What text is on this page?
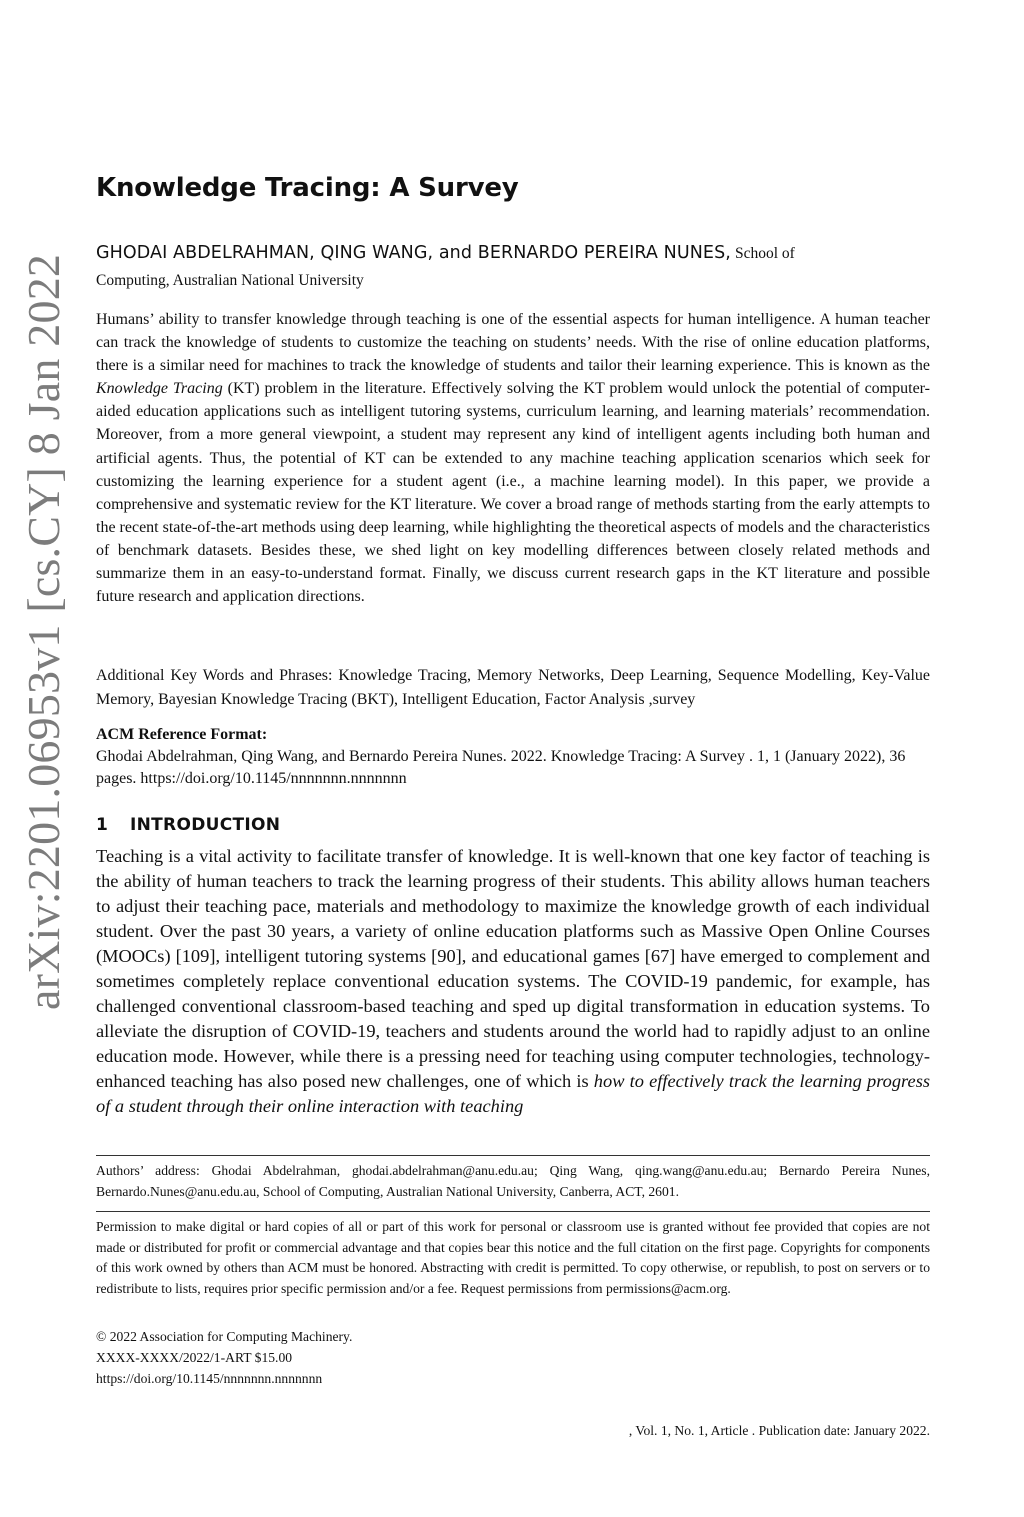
arXiv:2201.06953v1 [cs.CY] 8 Jan 2022
Knowledge Tracing: A Survey
GHODAI ABDELRAHMAN, QING WANG, and BERNARDO PEREIRA NUNES, School of
Computing, Australian National University

Humans’ ability to transfer knowledge through teaching is one of the essential aspects for human intelligence. A human teacher can track the knowledge of students to customize the teaching on students’ needs. With the rise of online education platforms, there is a similar need for machines to track the knowledge of students and tailor their learning experience. This is known as the Knowledge Tracing (KT) problem in the literature. Effectively solving the KT problem would unlock the potential of computer-aided education applications such as intelligent tutoring systems, curriculum learning, and learning materials’ recommendation. Moreover, from a more general viewpoint, a student may represent any kind of intelligent agents including both human and artificial agents. Thus, the potential of KT can be extended to any machine teaching application scenarios which seek for customizing the learning experience for a student agent (i.e., a machine learning model). In this paper, we provide a comprehensive and systematic review for the KT literature. We cover a broad range of methods starting from the early attempts to the recent state-of-the-art methods using deep learning, while highlighting the theoretical aspects of models and the characteristics of benchmark datasets. Besides these, we shed light on key modelling differences between closely related methods and summarize them in an easy-to-understand format. Finally, we discuss current research gaps in the KT literature and possible future research and application directions.

Additional Key Words and Phrases: Knowledge Tracing, Memory Networks, Deep Learning, Sequence Modelling, Key-Value Memory, Bayesian Knowledge Tracing (BKT), Intelligent Education, Factor Analysis ,survey

ACM Reference Format:
Ghodai Abdelrahman, Qing Wang, and Bernardo Pereira Nunes. 2022. Knowledge Tracing: A Survey . 1, 1 (January 2022), 36 pages. https://doi.org/10.1145/nnnnnnn.nnnnnnn
1 INTRODUCTION

Teaching is a vital activity to facilitate transfer of knowledge. It is well-known that one key factor of teaching is the ability of human teachers to track the learning progress of their students. This ability allows human teachers to adjust their teaching pace, materials and methodology to maximize the knowledge growth of each individual student. Over the past 30 years, a variety of online education platforms such as Massive Open Online Courses (MOOCs) [109], intelligent tutoring systems [90], and educational games [67] have emerged to complement and sometimes completely replace conventional education systems. The COVID-19 pandemic, for example, has challenged conventional classroom-based teaching and sped up digital transformation in education systems. To alleviate the disruption of COVID-19, teachers and students around the world had to rapidly adjust to an online education mode. However, while there is a pressing need for teaching using computer technologies, technology-enhanced teaching has also posed new challenges, one of which is how to effectively track the learning progress of a student through their online interaction with teaching

Authors’ address: Ghodai Abdelrahman, ghodai.abdelrahman@anu.edu.au; Qing Wang, qing.wang@anu.edu.au; Bernardo Pereira Nunes, Bernardo.Nunes@anu.edu.au, School of Computing, Australian National University, Canberra, ACT, 2601.

Permission to make digital or hard copies of all or part of this work for personal or classroom use is granted without fee provided that copies are not made or distributed for profit or commercial advantage and that copies bear this notice and the full citation on the first page. Copyrights for components of this work owned by others than ACM must be honored. Abstracting with credit is permitted. To copy otherwise, or republish, to post on servers or to redistribute to lists, requires prior specific permission and/or a fee. Request permissions from permissions@acm.org.

© 2022 Association for Computing Machinery.
XXXX-XXXX/2022/1-ART $15.00
https://doi.org/10.1145/nnnnnnn.nnnnnnn
, Vol. 1, No. 1, Article . Publication date: January 2022.
